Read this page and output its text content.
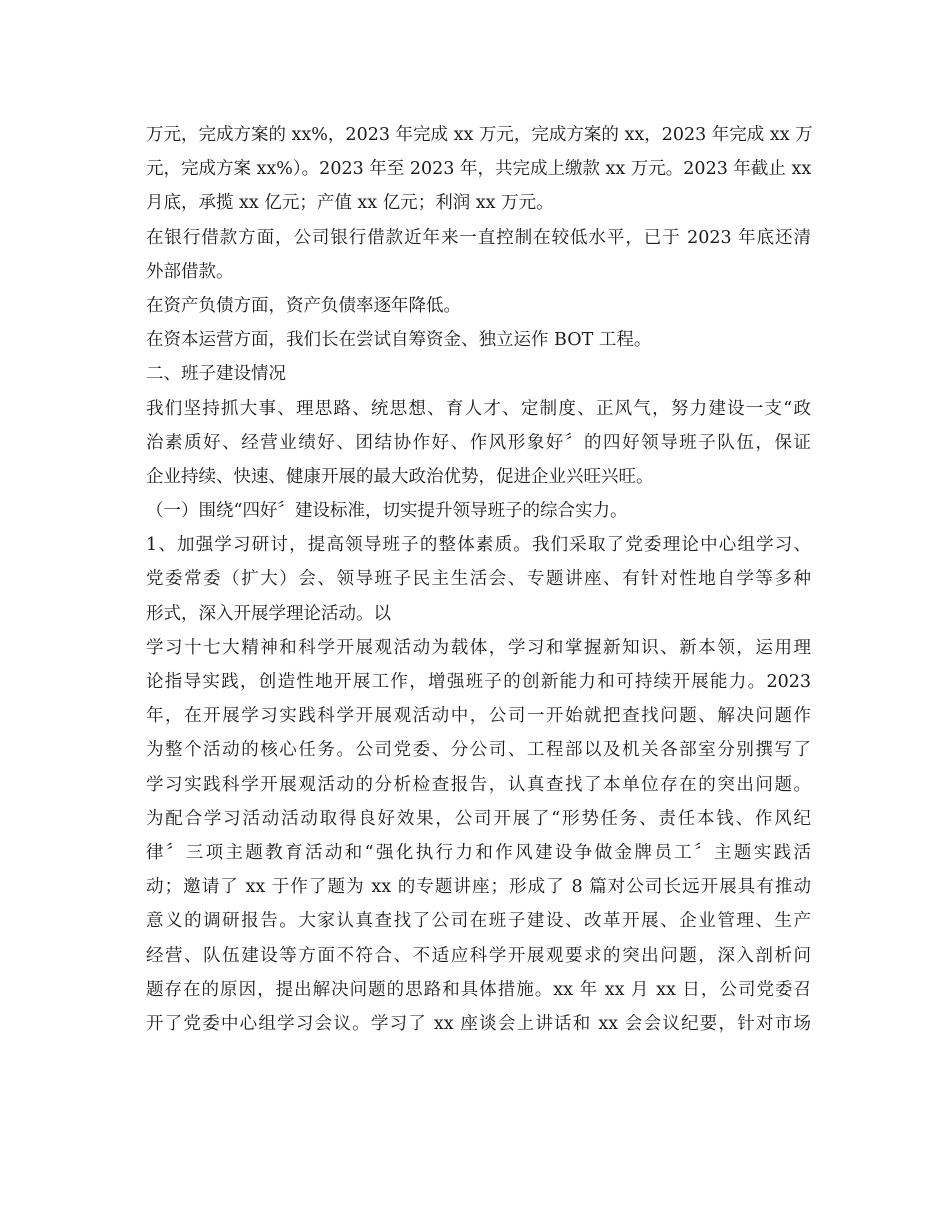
万元，完成方案的 xx%，2023 年完成 xx 万元，完成方案的 xx，2023 年完成 xx 万
元，完成方案 xx%）。2023 年至 2023 年，共完成上缴款 xx 万元。2023 年截止 xx
月底，承揽 xx 亿元；产值 xx 亿元；利润 xx 万元。
在银行借款方面，公司银行借款近年来一直控制在较低水平，已于 2023 年底还清
外部借款。
在资产负债方面，资产负债率逐年降低。
在资本运营方面，我们长在尝试自筹资金、独立运作 BOT 工程。
二、班子建设情况
我们坚持抓大事、理思路、统思想、育人才、定制度、正风气，努力建设一支“政
治素质好、经营业绩好、团结协作好、作风形象好〞的四好领导班子队伍，保证
企业持续、快速、健康开展的最大政治优势，促进企业兴旺兴旺。
（一）围绕“四好〞建设标准，切实提升领导班子的综合实力。
1、加强学习研讨，提高领导班子的整体素质。我们采取了党委理论中心组学习、
党委常委（扩大）会、领导班子民主生活会、专题讲座、有针对性地自学等多种
形式，深入开展学理论活动。以
学习十七大精神和科学开展观活动为载体，学习和掌握新知识、新本领，运用理
论指导实践，创造性地开展工作，增强班子的创新能力和可持续开展能力。2023
年，在开展学习实践科学开展观活动中，公司一开始就把查找问题、解决问题作
为整个活动的核心任务。公司党委、分公司、工程部以及机关各部室分别撰写了
学习实践科学开展观活动的分析检查报告，认真查找了本单位存在的突出问题。
为配合学习活动活动取得良好效果，公司开展了“形势任务、责任本钱、作风纪
律〞三项主题教育活动和“强化执行力和作风建设争做金牌员工〞主题实践活
动；邀请了 xx 于作了题为 xx 的专题讲座；形成了 8 篇对公司长远开展具有推动
意义的调研报告。大家认真查找了公司在班子建设、改革开展、企业管理、生产
经营、队伍建设等方面不符合、不适应科学开展观要求的突出问题，深入剖析问
题存在的原因，提出解决问题的思路和具体措施。xx 年 xx 月 xx 日，公司党委召
开了党委中心组学习会议。学习了 xx 座谈会上讲话和 xx 会会议纪要，针对市场
